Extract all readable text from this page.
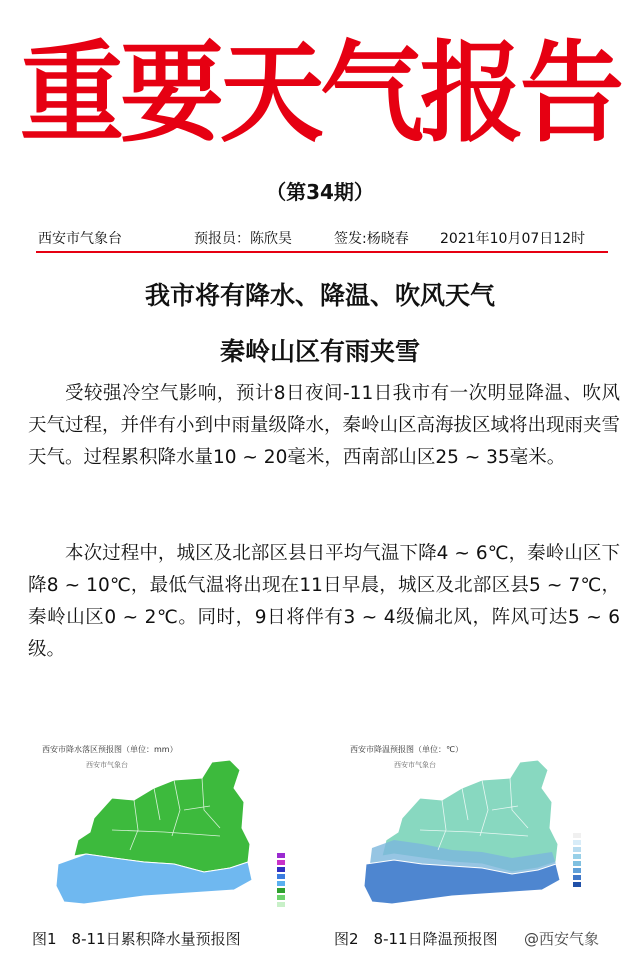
重要天气报告
（第34期）
西安市气象台	预报员：陈欣昊	签发:杨晓春 2021年10月07日12时
我市将有降水、降温、吹风天气
秦岭山区有雨夹雪
受较强冷空气影响，预计8日夜间-11日我市有一次明显降温、吹风天气过程，并伴有小到中雨量级降水，秦岭山区高海拔区域将出现雨夹雪天气。过程累积降水量10 ~ 20毫米，西南部山区25 ~ 35毫米。
本次过程中，城区及北部区县日平均气温下降4 ~ 6℃，秦岭山区下降8 ~ 10℃，最低气温将出现在11日早晨，城区及北部区县5 ~ 7℃，秦岭山区0 ~ 2℃。同时，9日将伴有3 ~ 4级偏北风，阵风可达5 ~ 6级。
西安市降水落区预报图（单位：mm）
西安市气象台
西安市降温预报图（单位：℃）
西安市气象台
图1　8-11日累积降水量预报图	图2　8-11日降温预报图 @西安气象
